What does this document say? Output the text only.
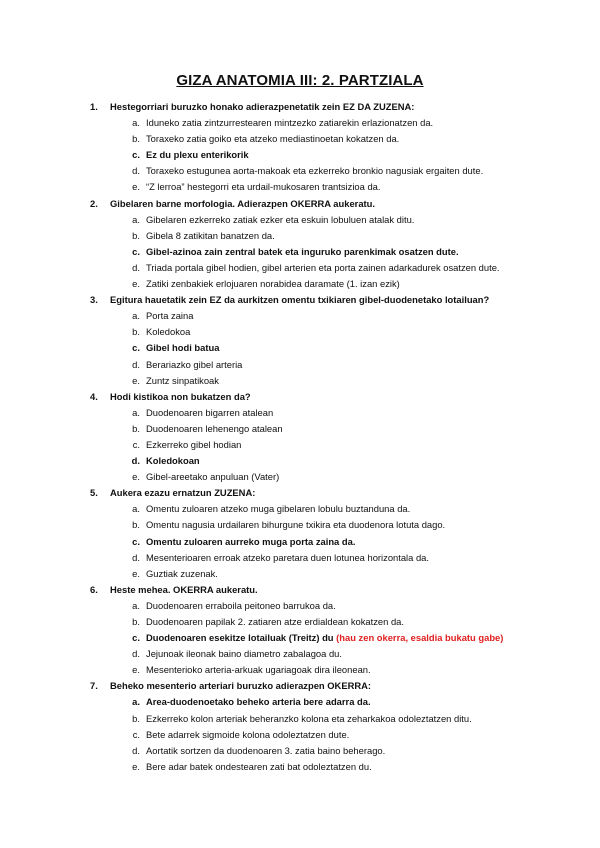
GIZA ANATOMIA III: 2. PARTZIALA
1. Hestegorriari buruzko honako adierazpenetatik zein EZ DA ZUZENA:
a. Iduneko zatia zintzurrestearen mintzezko zatiarekin erlazionatzen da.
b. Toraxeko zatia goiko eta atzeko mediastinoetan kokatzen da.
c. Ez du plexu enterikorik
d. Toraxeko estugunea aorta-makoak eta ezkerreko bronkio nagusiak ergaiten dute.
e. “Z lerroa” hestegorri eta urdail-mukosaren trantsizioa da.
2. Gibelaren barne morfologia. Adierazpen OKERRA aukeratu.
a. Gibelaren ezkerreko zatiak ezker eta eskuin lobuluen atalak ditu.
b. Gibela 8 zatikitan banatzen da.
c. Gibel-azinoa zain zentral batek eta inguruko parenkimak osatzen dute.
d. Triada portala gibel hodien, gibel arterien eta porta zainen adarkadurek osatzen dute.
e. Zatiki zenbakiek erlojuaren norabidea daramate (1. izan ezik)
3. Egitura hauetatik zein EZ da aurkitzen omentu txikiaren gibel-duodenetako lotailuan?
a. Porta zaina
b. Koledokoa
c. Gibel hodi batua
d. Berariazko gibel arteria
e. Zuntz sinpatikoak
4. Hodi kistikoa non bukatzen da?
a. Duodenoaren bigarren atalean
b. Duodenoaren lehenengo atalean
c. Ezkerreko gibel hodian
d. Koledokoan
e. Gibel-areetako anpuluan (Vater)
5. Aukera ezazu ernatzun ZUZENA:
a. Omentu zuloaren atzeko muga gibelaren lobulu buztanduna da.
b. Omentu nagusia urdailaren bihurgune txikira eta duodenora lotuta dago.
c. Omentu zuloaren aurreko muga porta zaina da.
d. Mesenterioaren erroak atzeko paretara duen lotunea horizontala da.
e. Guztiak zuzenak.
6. Heste mehea. OKERRA aukeratu.
a. Duodenoaren erraboila peitoneo barrukoa da.
b. Duodenoaren papilak 2. zatiaren atze erdialdean kokatzen da.
c. Duodenoaren esekitze lotailuak (Treitz) du (hau zen okerra, esaldia bukatu gabe)
d. Jejunoak ileonak baino diametro zabalagoa du.
e. Mesenterioko arteria-arkuak ugariagoak dira ileonean.
7. Beheko mesenterio arteriari buruzko adierazpen OKERRA:
a. Area-duodenoetako beheko arteria bere adarra da.
b. Ezkerreko kolon arteriak beheranzko kolona eta zeharkakoa odoleztatzen ditu.
c. Bete adarrek sigmoide kolona odoleztatzen dute.
d. Aortatik sortzen da duodenoaren 3. zatia baino beherago.
e. Bere adar batek ondestearen zati bat odoleztatzen du.
